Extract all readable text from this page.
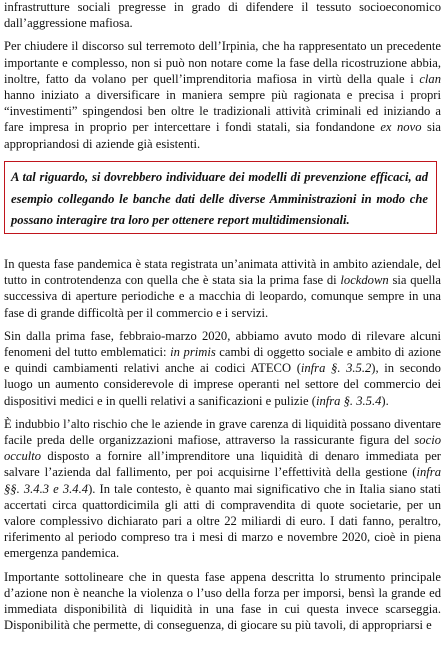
infrastrutture sociali pregresse in grado di difendere il tessuto socioeconomico dall’aggressione mafiosa.

Per chiudere il discorso sul terremoto dell’Irpinia, che ha rappresentato un precedente importante e complesso, non si può non notare come la fase della ricostruzione abbia, inoltre, fatto da volano per quell’imprenditoria mafiosa in virtù della quale i clan hanno iniziato a diversificare in maniera sempre più ragionata e precisa i propri “investimenti” spingendosi ben oltre le tradizionali attività criminali ed iniziando a fare impresa in proprio per intercettare i fondi statali, sia fondandone ex novo sia appropriandosi di aziende già esistenti.

A tal riguardo, si dovrebbero individuare dei modelli di prevenzione efficaci, ad esempio collegando le banche dati delle diverse Amministrazioni in modo che possano interagire tra loro per ottenere report multidimensionali.

In questa fase pandemica è stata registrata un’animata attività in ambito aziendale, del tutto in controtendenza con quella che è stata sia la prima fase di lockdown sia quella successiva di aperture periodiche e a macchia di leopardo, comunque sempre in una fase di grande difficoltà per il commercio e i servizi.

Sin dalla prima fase, febbraio-marzo 2020, abbiamo avuto modo di rilevare alcuni fenomeni del tutto emblematici: in primis cambi di oggetto sociale e ambito di azione e quindi cambiamenti relativi anche ai codici ATECO (infra §. 3.5.2), in secondo luogo un aumento considerevole di imprese operanti nel settore del commercio dei dispositivi medici e in quelli relativi a sanificazioni e pulizie (infra §. 3.5.4).

È indubbio l’alto rischio che le aziende in grave carenza di liquidità possano diventare facile preda delle organizzazioni mafiose, attraverso la rassicurante figura del socio occulto disposto a fornire all’imprenditore una liquidità di denaro immediata per salvare l’azienda dal fallimento, per poi acquisirne l’effettività della gestione (infra §§. 3.4.3 e 3.4.4). In tale contesto, è quanto mai significativo che in Italia siano stati accertati circa quattordicimila gli atti di compravendita di quote societarie, per un valore complessivo dichiarato pari a oltre 22 miliardi di euro. I dati fanno, peraltro, riferimento al periodo compreso tra i mesi di marzo e novembre 2020, cioè in piena emergenza pandemica.

Importante sottolineare che in questa fase appena descritta lo strumento principale d’azione non è neanche la violenza o l’uso della forza per imporsi, bensì la grande ed immediata disponibilità di liquidità in una fase in cui questa invece scarseggia. Disponibilità che permette, di conseguenza, di giocare su più tavoli, di appropriarsi e
